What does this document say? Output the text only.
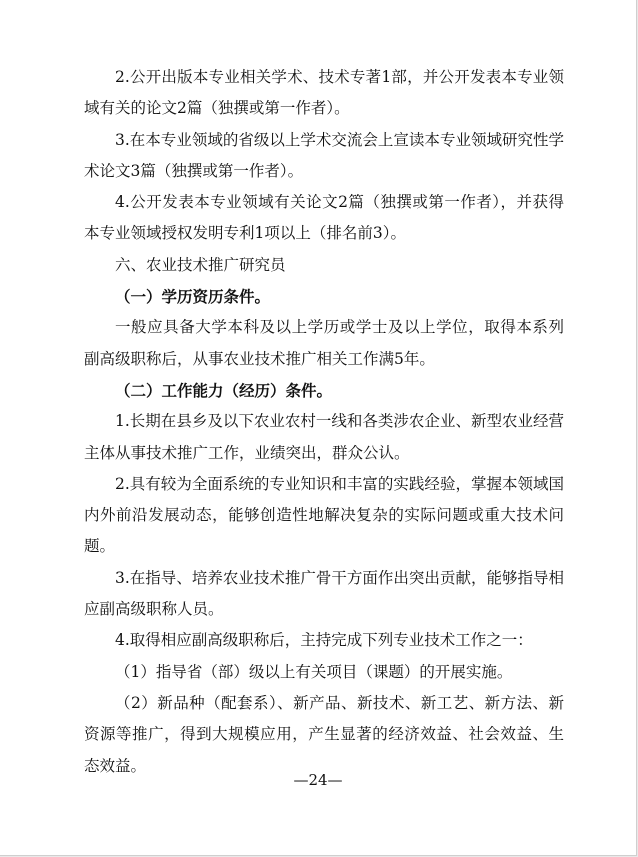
2.公开出版本专业相关学术、技术专著1部，并公开发表本专业领域有关的论文2篇（独撰或第一作者）。

3.在本专业领域的省级以上学术交流会上宣读本专业领域研究性学术论文3篇（独撰或第一作者）。

4.公开发表本专业领域有关论文2篇（独撰或第一作者），并获得本专业领域授权发明专利1项以上（排名前3）。

六、农业技术推广研究员

（一）学历资历条件。

一般应具备大学本科及以上学历或学士及以上学位，取得本系列副高级职称后，从事农业技术推广相关工作满5年。

（二）工作能力（经历）条件。

1.长期在县乡及以下农业农村一线和各类涉农企业、新型农业经营主体从事技术推广工作，业绩突出，群众公认。

2.具有较为全面系统的专业知识和丰富的实践经验，掌握本领域国内外前沿发展动态，能够创造性地解决复杂的实际问题或重大技术问题。

3.在指导、培养农业技术推广骨干方面作出突出贡献，能够指导相应副高级职称人员。

4.取得相应副高级职称后，主持完成下列专业技术工作之一：

（1）指导省（部）级以上有关项目（课题）的开展实施。

（2）新品种（配套系）、新产品、新技术、新工艺、新方法、新资源等推广，得到大规模应用，产生显著的经济效益、社会效益、生态效益。

—24—
